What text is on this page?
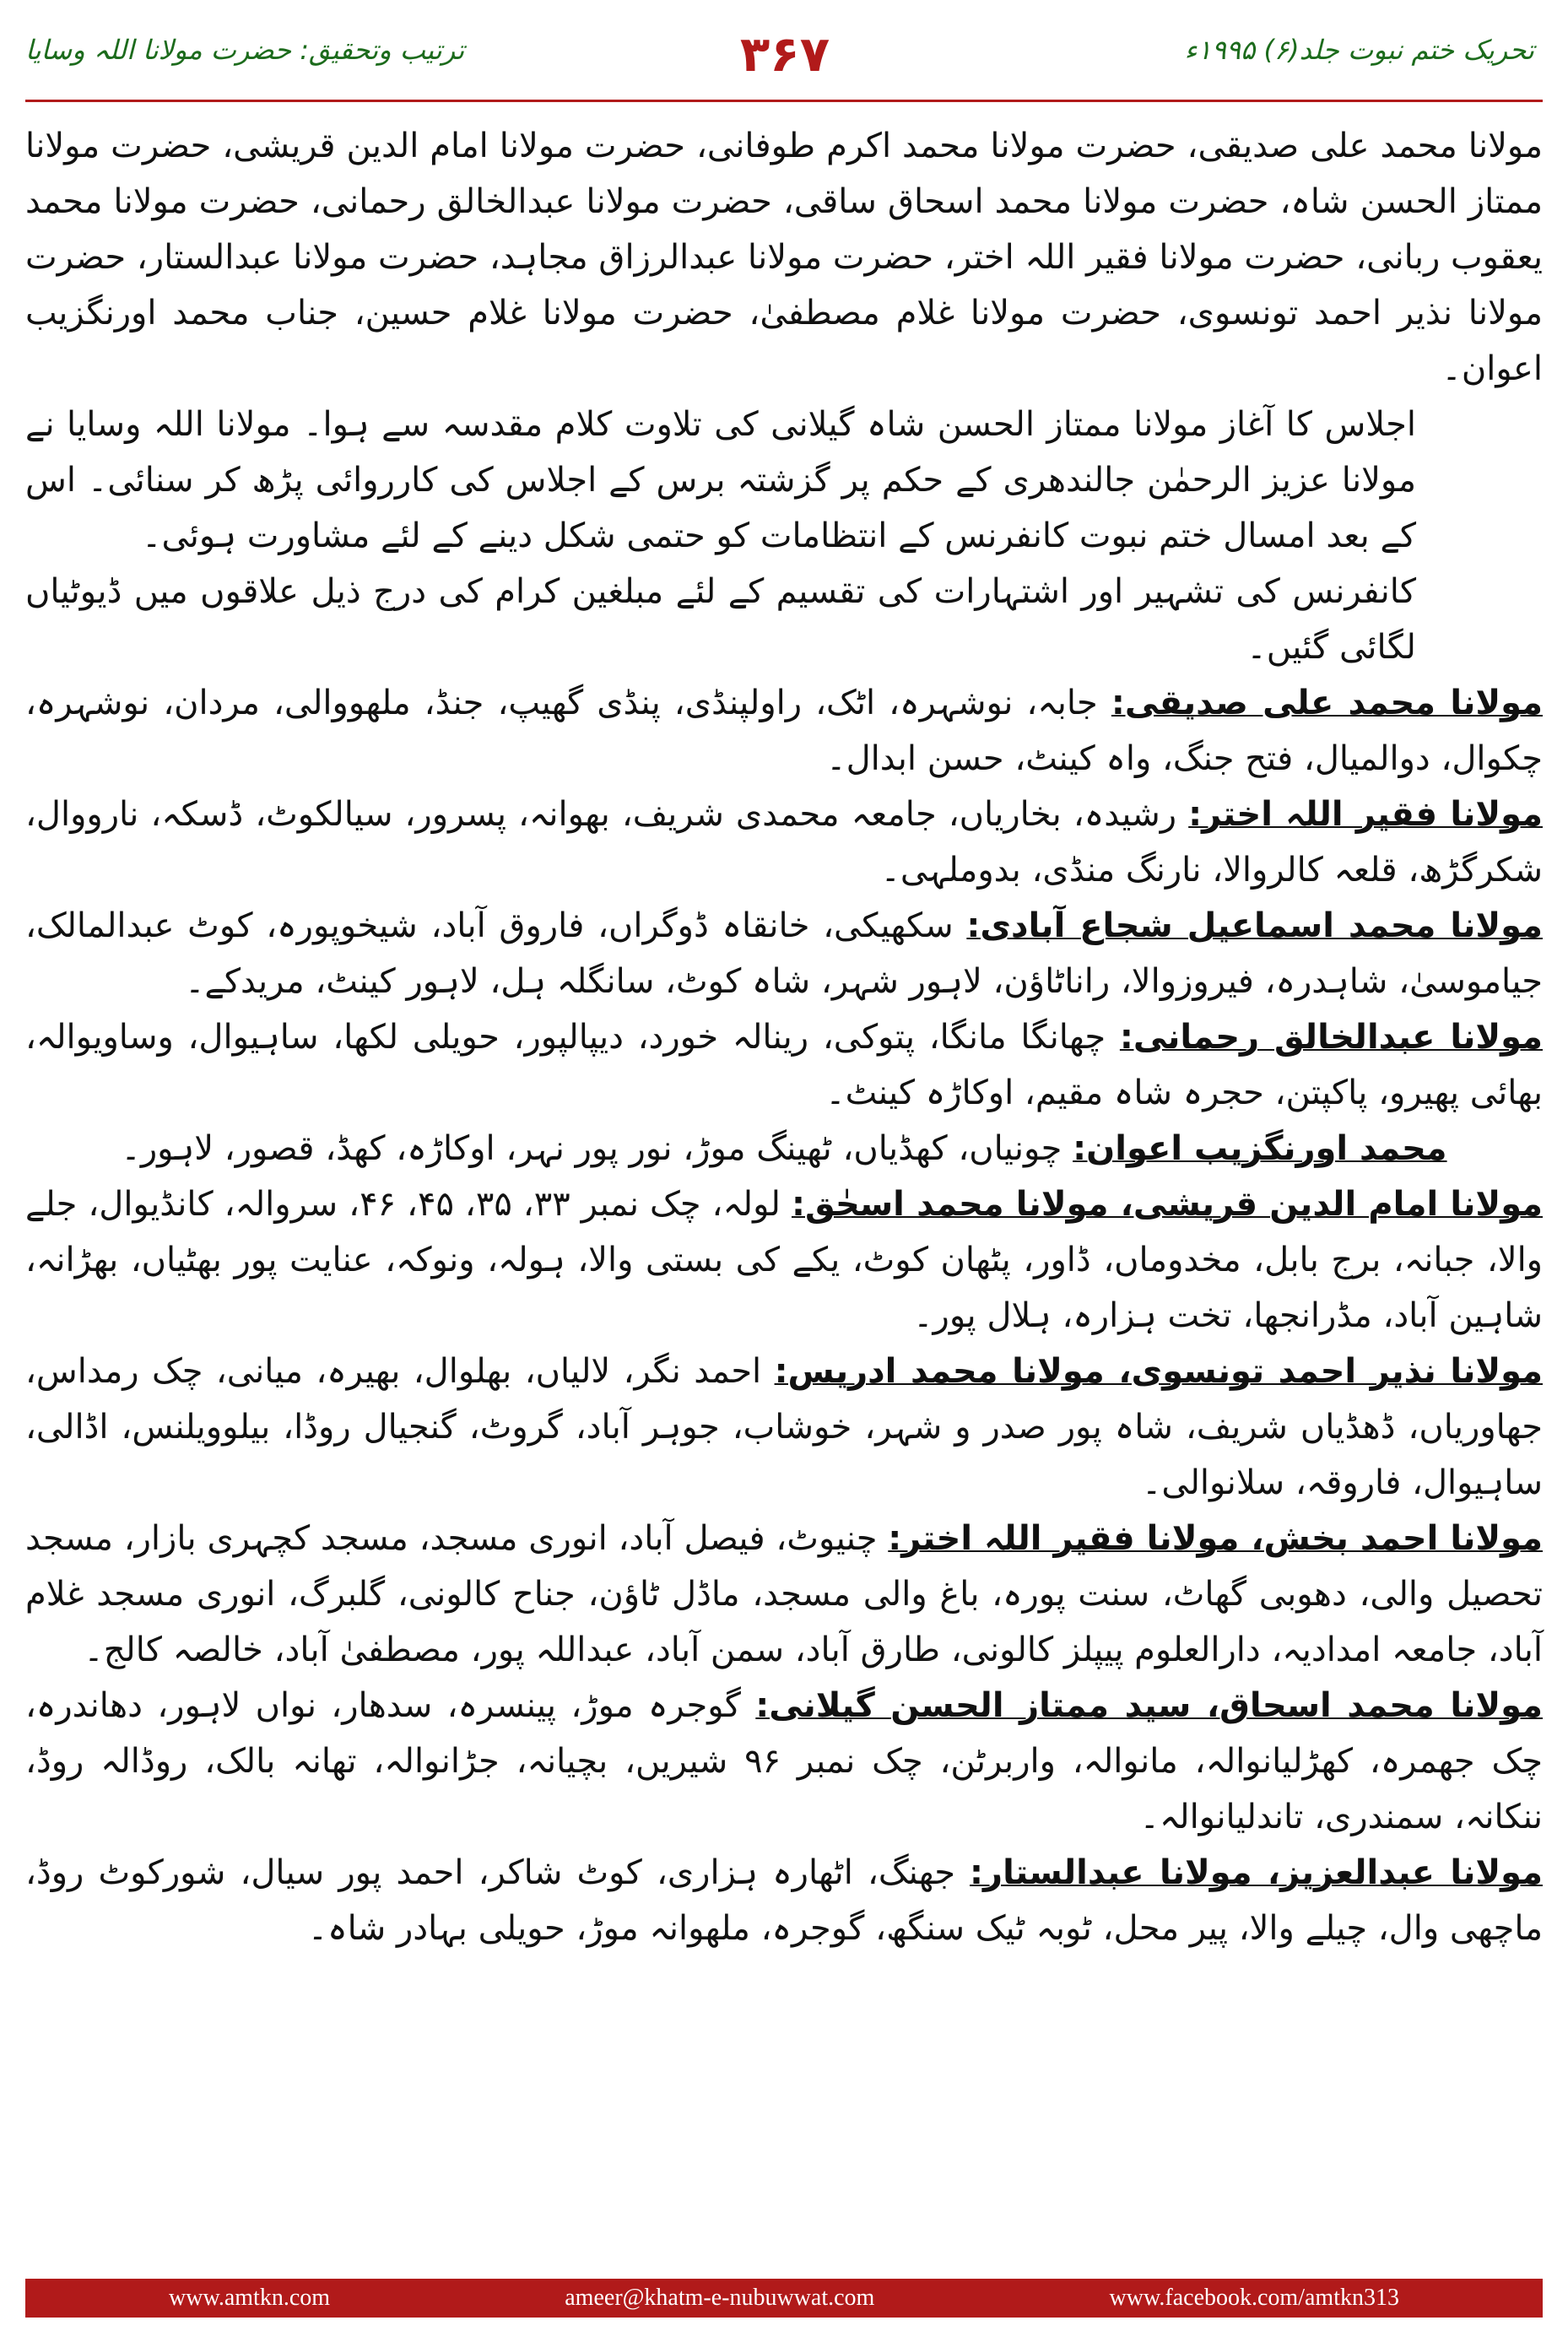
تحریک ختم نبوت جلد(۶) ۱۹۹۵ء
۳۶۷
ترتیب وتحقیق: حضرت مولانا اللہ وسایا

مولانا محمد علی صدیقی، حضرت مولانا محمد اکرم طوفانی، حضرت مولانا امام الدین قریشی، حضرت مولانا ممتاز الحسن شاہ، حضرت مولانا محمد اسحاق ساقی، حضرت مولانا عبدالخالق رحمانی، حضرت مولانا محمد یعقوب ربانی، حضرت مولانا فقیر اللہ اختر، حضرت مولانا عبدالرزاق مجاہد، حضرت مولانا عبدالستار، حضرت مولانا نذیر احمد تونسوی، حضرت مولانا غلام مصطفیٰ، حضرت مولانا غلام حسین، جناب محمد اورنگزیب اعوان۔

اجلاس کا آغاز مولانا ممتاز الحسن شاہ گیلانی کی تلاوت کلام مقدسہ سے ہوا۔ مولانا اللہ وسایا نے مولانا عزیز الرحمٰن جالندھری کے حکم پر گزشتہ برس کے اجلاس کی کارروائی پڑھ کر سنائی۔ اس کے بعد امسال ختم نبوت کانفرنس کے انتظامات کو حتمی شکل دینے کے لئے مشاورت ہوئی۔

کانفرنس کی تشہیر اور اشتہارات کی تقسیم کے لئے مبلغین کرام کی درج ذیل علاقوں میں ڈیوٹیاں لگائی گئیں۔

مولانا محمد علی صدیقی: جابہ، نوشہرہ، اٹک، راولپنڈی، پنڈی گھیپ، جنڈ، ملھووالی، مردان، نوشہرہ، چکوال، دوالمیال، فتح جنگ، واہ کینٹ، حسن ابدال۔

مولانا فقیر اللہ اختر: رشیدہ، بخاریاں، جامعہ محمدی شریف، بھوانہ، پسرور، سیالکوٹ، ڈسکہ، نارووال، شکرگڑھ، قلعہ کالروالا، نارنگ منڈی، بدوملہی۔

مولانا محمد اسماعیل شجاع آبادی: سکھیکی، خانقاہ ڈوگراں، فاروق آباد، شیخوپورہ، کوٹ عبدالمالک، جیاموسیٰ، شاہدرہ، فیروزوالا، راناٹاؤن، لاہور شہر، شاہ کوٹ، سانگلہ ہل، لاہور کینٹ، مریدکے۔

مولانا عبدالخالق رحمانی: چھانگا مانگا، پتوکی، رینالہ خورد، دیپالپور، حویلی لکھا، ساہیوال، وساویوالہ، بھائی پھیرو، پاکپتن، حجرہ شاہ مقیم، اوکاڑہ کینٹ۔

محمد اورنگزیب اعوان: چونیاں، کھڈیاں، ٹھینگ موڑ، نور پور نہر، اوکاڑہ، کھڈ، قصور، لاہور۔

مولانا امام الدین قریشی، مولانا محمد اسحٰق: لولہ، چک نمبر ۳۳، ۳۵، ۴۵، ۴۶، سروالہ، کانڈیوال، جلے والا، جبانہ، برج بابل، مخدوماں، ڈاور، پٹھان کوٹ، یکے کی بستی والا، ہولہ، ونوکہ، عنایت پور بھٹیاں، بھڑانہ، شاہین آباد، مڈرانجھا، تخت ہزارہ، ہلال پور۔

مولانا نذیر احمد تونسوی، مولانا محمد ادریس: احمد نگر، لالیاں، بھلوال، بھیرہ، میانی، چک رمداس، جھاوریاں، ڈھڈیاں شریف، شاہ پور صدر و شہر، خوشاب، جوہر آباد، گروٹ، گنجیال روڈا، بیلوویلنس، اڈالی، ساہیوال، فاروقہ، سلانوالی۔

مولانا احمد بخش، مولانا فقیر اللہ اختر: چنیوٹ، فیصل آباد، انوری مسجد، مسجد کچہری بازار، مسجد تحصیل والی، دھوبی گھاٹ، سنت پورہ، باغ والی مسجد، ماڈل ٹاؤن، جناح کالونی، گلبرگ، انوری مسجد غلام آباد، جامعہ امدادیہ، دارالعلوم پیپلز کالونی، طارق آباد، سمن آباد، عبداللہ پور، مصطفیٰ آباد، خالصہ کالج۔

مولانا محمد اسحاق، سید ممتاز الحسن گیلانی: گوجرہ موڑ، پینسرہ، سدھار، نواں لاہور، دھاندرہ، چک جھمرہ، کھڑلیانوالہ، مانوالہ، واربرٹن، چک نمبر ۹۶ شیریں، بچیانہ، جڑانوالہ، تھانہ بالک، روڈالہ روڈ، ننکانہ، سمندری، تاندلیانوالہ۔

مولانا عبدالعزیز، مولانا عبدالستار: جھنگ، اٹھارہ ہزاری، کوٹ شاکر، احمد پور سیال، شورکوٹ روڈ، ماچھی وال، چیلے والا، پیر محل، ٹوبہ ٹیک سنگھ، گوجرہ، ملھوانہ موڑ، حویلی بہادر شاہ۔

www.amtkn.com	ameer@khatm-e-nubuwwat.com	www.facebook.com/amtkn313
